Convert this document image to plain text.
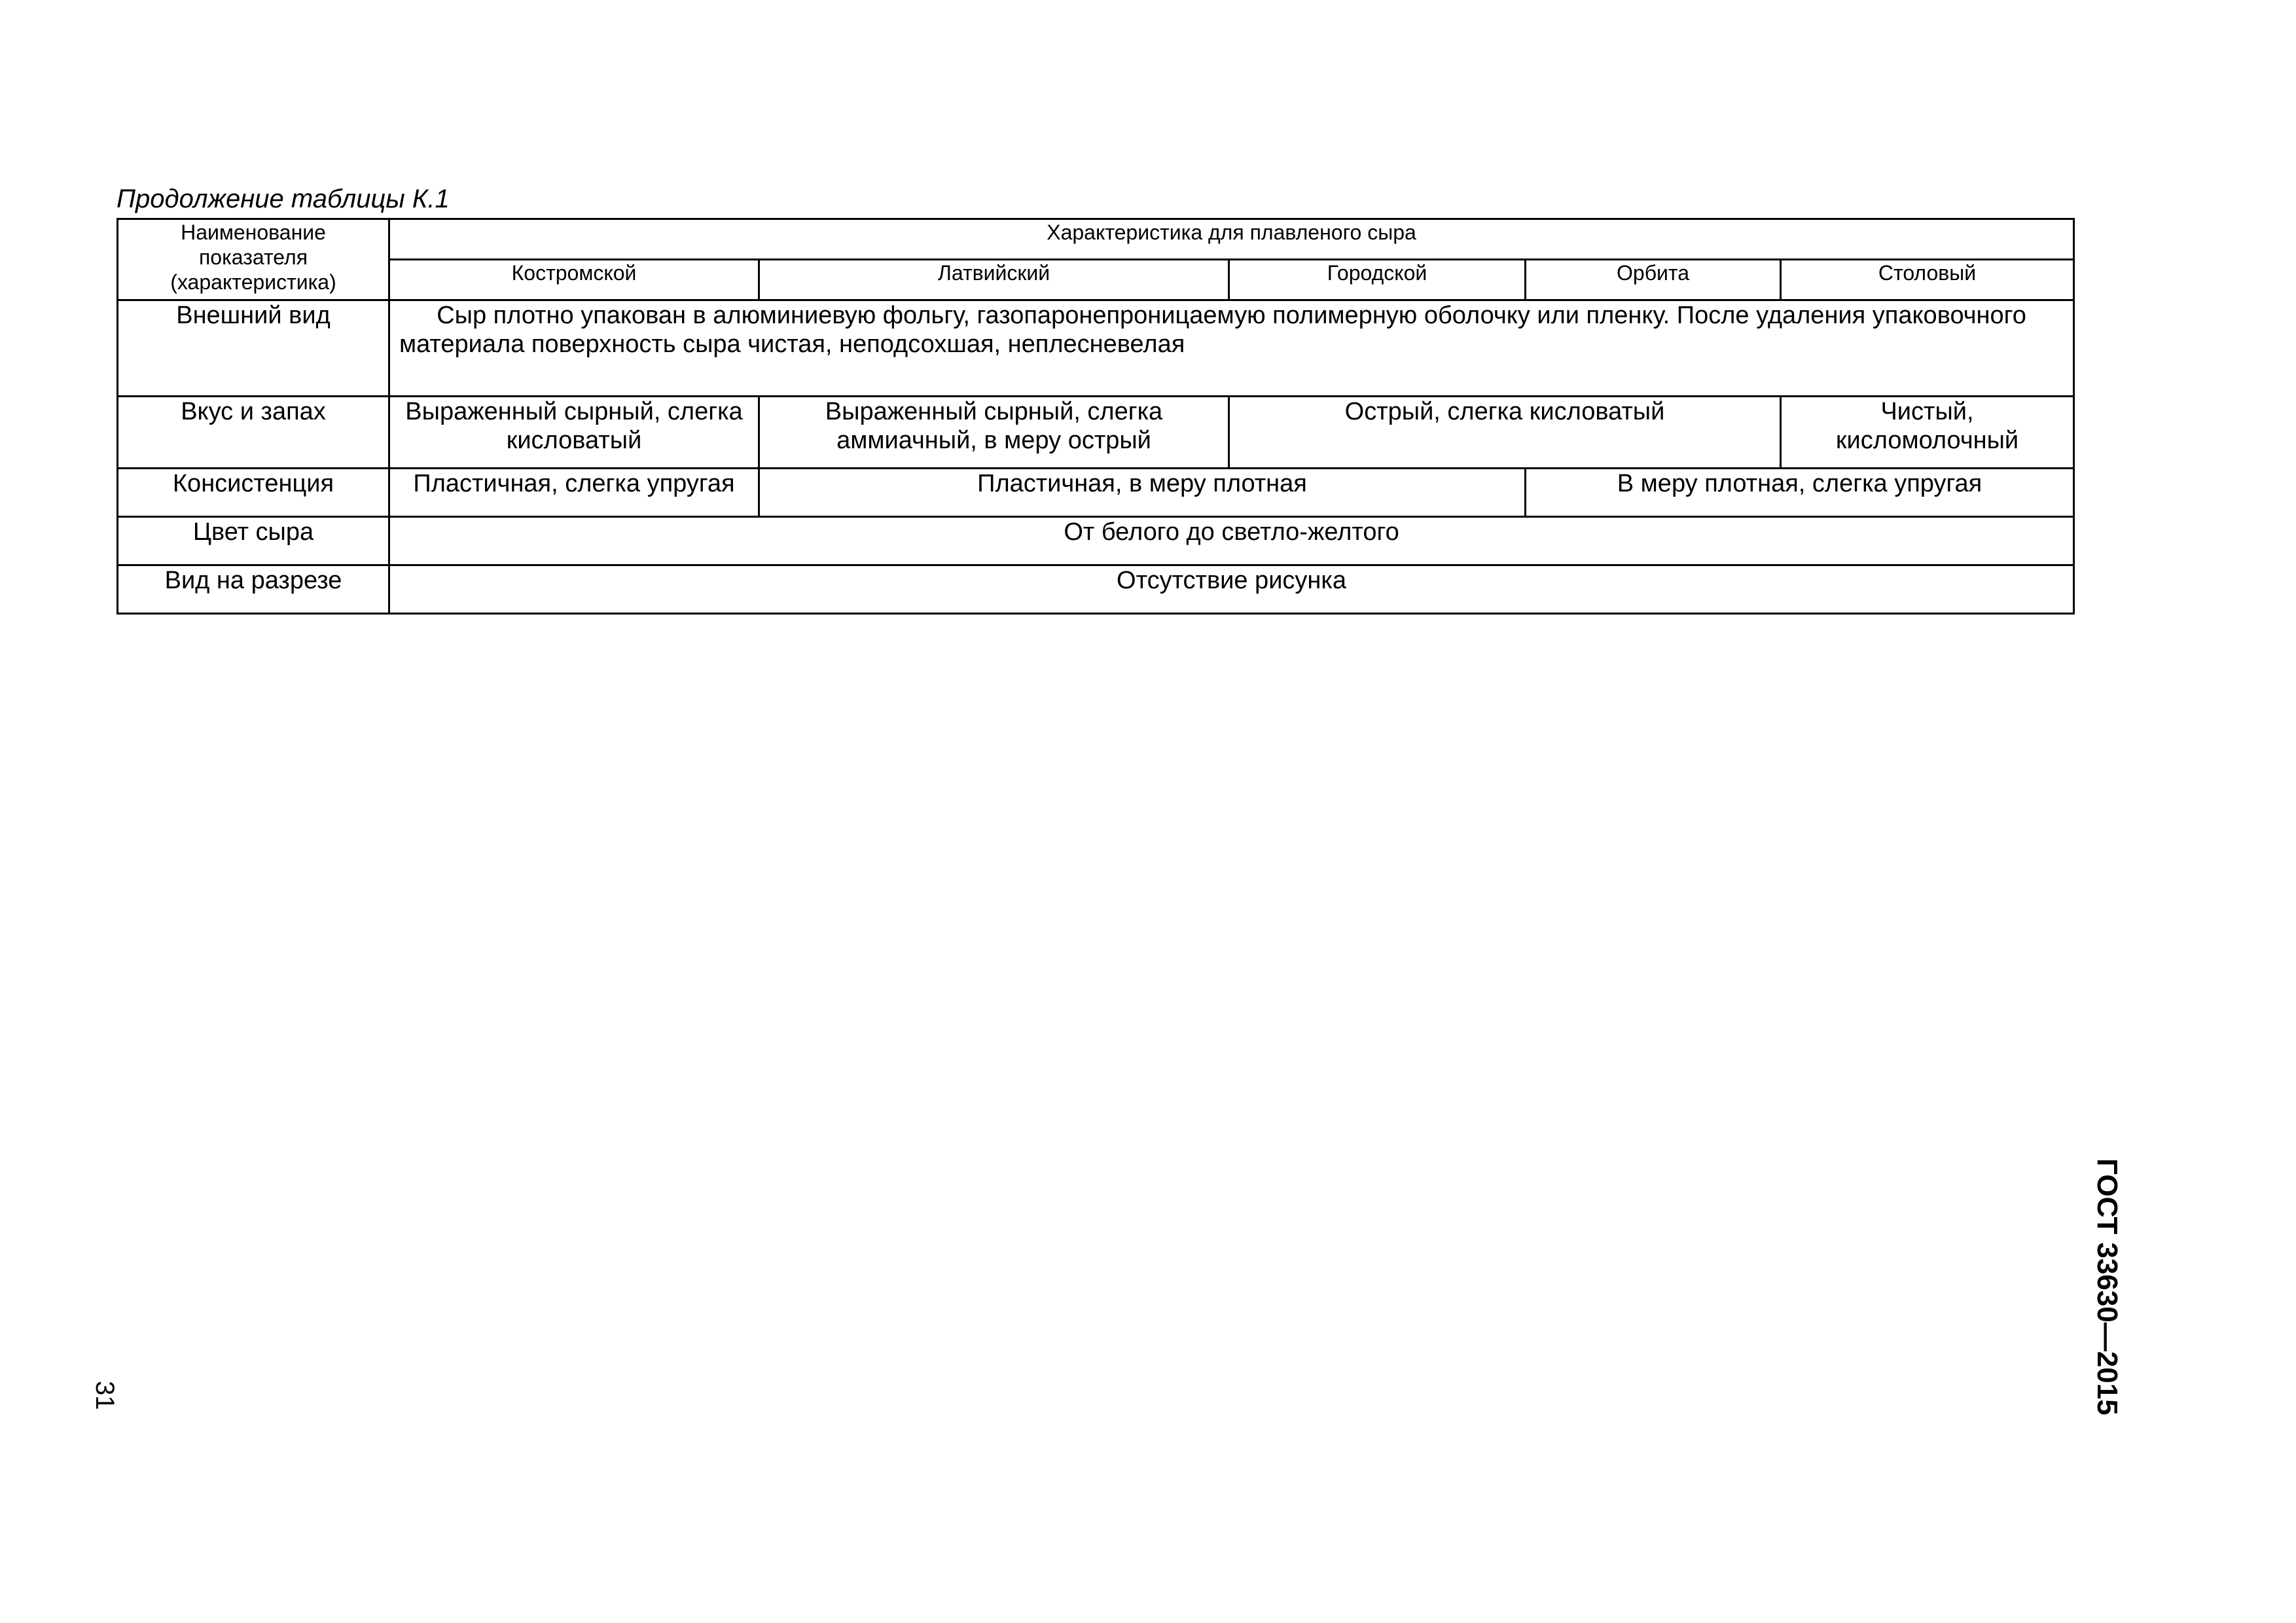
Продолжение таблицы К.1
Наименование показателя (характеристика)	Характеристика для плавленого сыра				
	Костромской	Латвийский	Городской	Орбита	Столовый
Внешний вид	Сыр плотно упакован в алюминиевую фольгу, газопаронепроницаемую полимерную оболочку или пленку. После удаления упаковочного материала поверхность сыра чистая, неподсохшая, неплесневелая				
Вкус и запах	Выраженный сырный, слегка кисловатый	Выраженный сырный, слегка аммиачный, в меру острый	Острый, слегка кисловатый		Чистый, кисломолочный
Консистенция	Пластичная, слегка упругая	Пластичная, в меру плотная		В меру плотная, слегка упругая	
Цвет сыра	От белого до светло-желтого				
Вид на разрезе	Отсутствие рисунка				
31	ГОСТ 33630—2015
